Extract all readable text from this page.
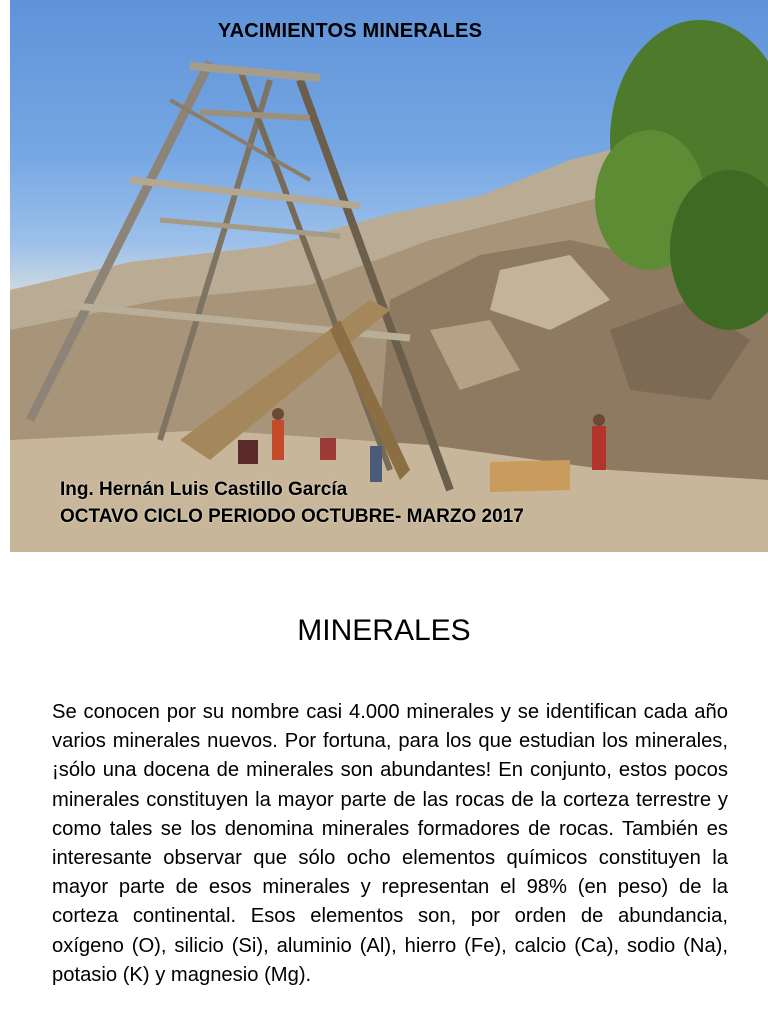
YACIMIENTOS MINERALES
Ing. Hernán Luis Castillo García
OCTAVO CICLO PERIODO OCTUBRE- MARZO 2017
MINERALES
Se conocen por su nombre casi 4.000 minerales y se identifican cada año varios minerales nuevos. Por fortuna, para los que estudian los minerales, ¡sólo una docena de minerales son abundantes! En conjunto, estos pocos minerales constituyen la mayor parte de las rocas de la corteza terrestre y como tales se los denomina minerales formadores de rocas. También es interesante observar que sólo ocho elementos químicos constituyen la mayor parte de esos minerales y representan el 98% (en peso) de la corteza continental. Esos elementos son, por orden de abundancia, oxígeno (O), silicio (Si), aluminio (Al), hierro (Fe), calcio (Ca), sodio (Na), potasio (K) y magnesio (Mg).
